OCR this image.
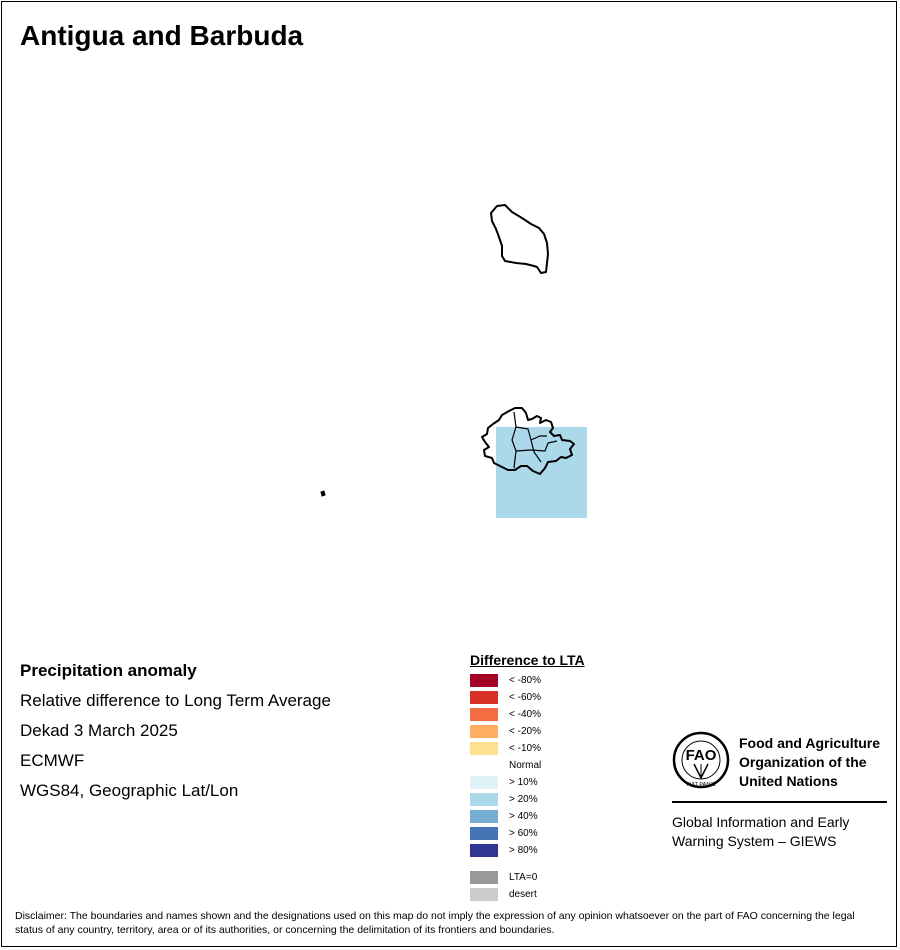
Antigua and Barbuda
Precipitation anomaly
Relative difference to Long Term Average
Dekad 3 March 2025
ECMWF
WGS84, Geographic Lat/Lon
Difference to LTA
< -80%
< -60%
< -40%
< -20%
< -10%
Normal
> 10%
> 20%
> 40%
> 60%
> 80%
LTA=0
desert
FAO
FIAT PANIS
Food and Agriculture Organization of the United Nations
Global Information and Early Warning System – GIEWS
Disclaimer: The boundaries and names shown and the designations used on this map do not imply the expression of any opinion whatsoever on the part of FAO concerning the legal status of any country, territory, area or of its authorities, or concerning the delimitation of its frontiers and boundaries.
